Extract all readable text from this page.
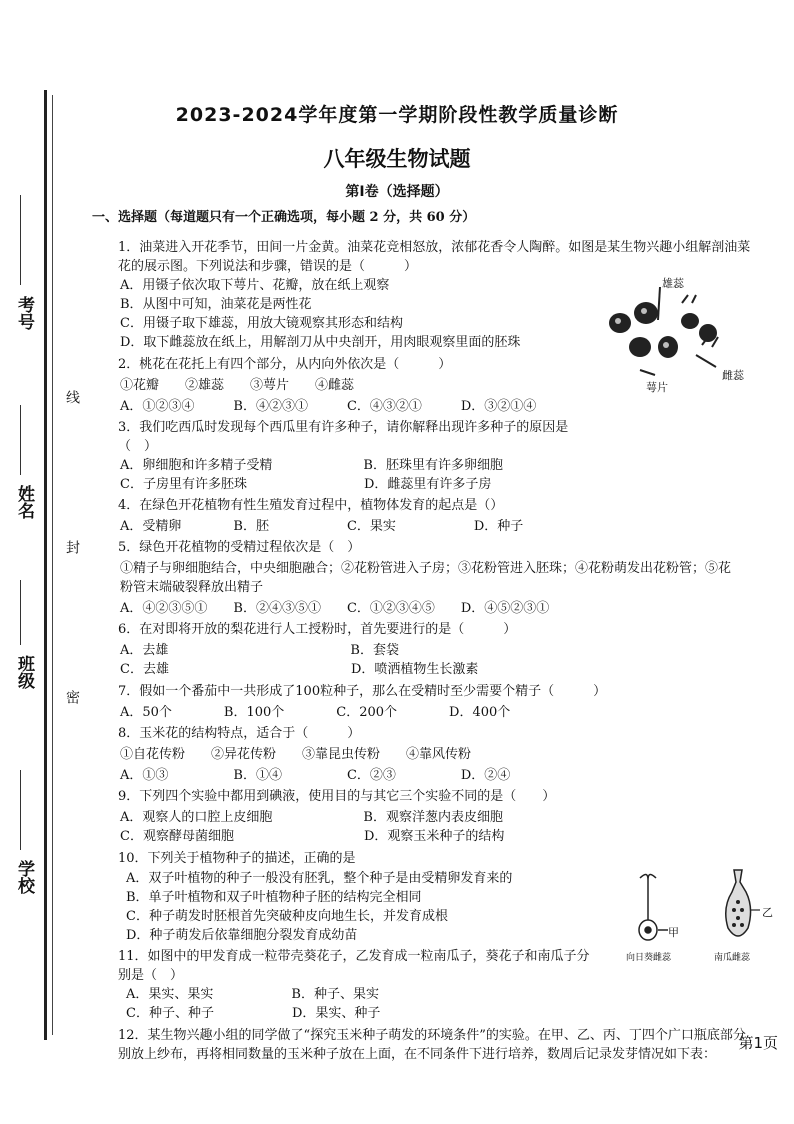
考号
姓名
班级
学校
线
封
密
2023-2024学年度第一学期阶段性教学质量诊断
八年级生物试题
第Ⅰ卷（选择题）
一、选择题（每道题只有一个正确选项，每小题 2 分，共 60 分）
1．油菜进入开花季节，田间一片金黄。油菜花竞相怒放，浓郁花香令人陶醉。如图是某生物兴趣小组解剖油菜
花的展示图。下列说法和步骤，错误的是（　　　）
A．用镊子依次取下萼片、花瓣，放在纸上观察
B．从图中可知，油菜花是两性花
C．用镊子取下雄蕊，用放大镜观察其形态和结构
D．取下雌蕊放在纸上，用解剖刀从中央剖开，用肉眼观察里面的胚珠
2．桃花在花托上有四个部分，从内向外依次是（　　　）
①花瓣　　②雄蕊　　③萼片　　④雌蕊
A．①②③④　　　B．④②③①　　　C．④③②①　　　D．③②①④
3．我们吃西瓜时发现每个西瓜里有许多种子，请你解释出现许多种子的原因是
（　）
A．卵细胞和许多精子受精　　　　　　　B．胚珠里有许多卵细胞
C．子房里有许多胚珠　　　　　　　　　D．雌蕊里有许多子房
4．在绿色开花植物有性生殖发育过程中，植物体发育的起点是（）
A．受精卵　　　　B．胚　　　　　　C．果实　　　　　　D．种子
5．绿色开花植物的受精过程依次是（　）
①精子与卵细胞结合，中央细胞融合；②花粉管进入子房；③花粉管进入胚珠；④花粉萌发出花粉管；⑤花
粉管末端破裂释放出精子
A．④②③⑤①　　B．②④③⑤①　　C．①②③④⑤　　D．④⑤②③①
6．在对即将开放的梨花进行人工授粉时，首先要进行的是（　　　）
A．去雄　　　　　　　　　　　　　　B．套袋
C．去雄　　　　　　　　　　　　　　D．喷洒植物生长激素
7．假如一个番茄中一共形成了100粒种子，那么在受精时至少需要个精子（　　　）
A．50个　　　　B．100个　　　　C．200个　　　　D．400个
8．玉米花的结构特点，适合于（　　　）
①自花传粉　　②异花传粉　　③靠昆虫传粉　　④靠风传粉
A．①③　　　　　B．①④　　　　　C．②③　　　　　D．②④
9．下列四个实验中都用到碘液，使用目的与其它三个实验不同的是（　　）
A．观察人的口腔上皮细胞　　　　　　　B．观察洋葱内表皮细胞
C．观察酵母菌细胞　　　　　　　　　　D．观察玉米种子的结构
10．下列关于植物种子的描述，正确的是
A．双子叶植物的种子一般没有胚乳，整个种子是由受精卵发育来的
B．单子叶植物和双子叶植物种子胚的结构完全相同
C．种子萌发时胚根首先突破种皮向地生长，并发育成根
D．种子萌发后依靠细胞分裂发育成幼苗
11．如图中的甲发育成一粒带壳葵花子，乙发育成一粒南瓜子，葵花子和南瓜子分
别是（　）
A．果实、果实　　　　　　B．种子、果实
C．种子、种子　　　　　　D．果实、种子
12．某生物兴趣小组的同学做了“探究玉米种子萌发的环境条件”的实验。在甲、乙、丙、丁四个广口瓶底部分
别放上纱布，再将相同数量的玉米种子放在上面，在不同条件下进行培养，数周后记录发芽情况如下表：
雄蕊
萼片
雌蕊
甲
乙
向日葵雌蕊	南瓜雌蕊
第1页
